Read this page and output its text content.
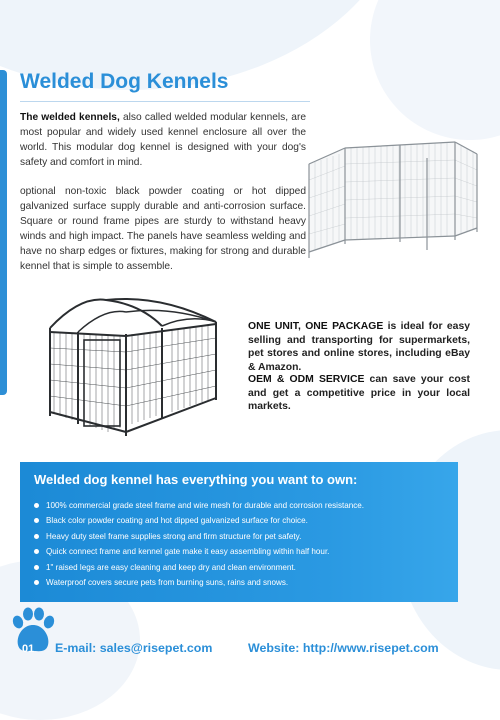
Welded Dog Kennels
The welded kennels, also called welded modular kennels, are most popular and widely used kennel enclosure all over the world. This modular dog kennel is designed with your dog's safety and comfort in mind.
optional non-toxic black powder coating or hot dipped galvanized surface supply durable and anti-corrosion surface. Square or round frame pipes are sturdy to withstand heavy winds and high impact. The panels have seamless welding and have no sharp edges or fixtures, making for strong and durable kennel that is simple to assemble.
ONE UNIT, ONE PACKAGE is ideal for easy selling and transporting for supermarkets, pet stores and online stores, including eBay & Amazon.
OEM & ODM SERVICE can save your cost and get a competitive price in your local markets.
Welded dog kennel has everything you want to own:
100% commercial grade steel frame and wire mesh for durable and corrosion resistance.
Black color powder coating and hot dipped galvanized surface for choice.
Heavy duty steel frame supplies strong and firm structure for pet safety.
Quick connect frame and kennel gate make it easy assembling within half hour.
1" raised legs are easy cleaning and keep dry and clean environment.
Waterproof covers secure pets from burning suns, rains and snows.
01 E-mail: sales@risepet.com	Website: http://www.risepet.com
